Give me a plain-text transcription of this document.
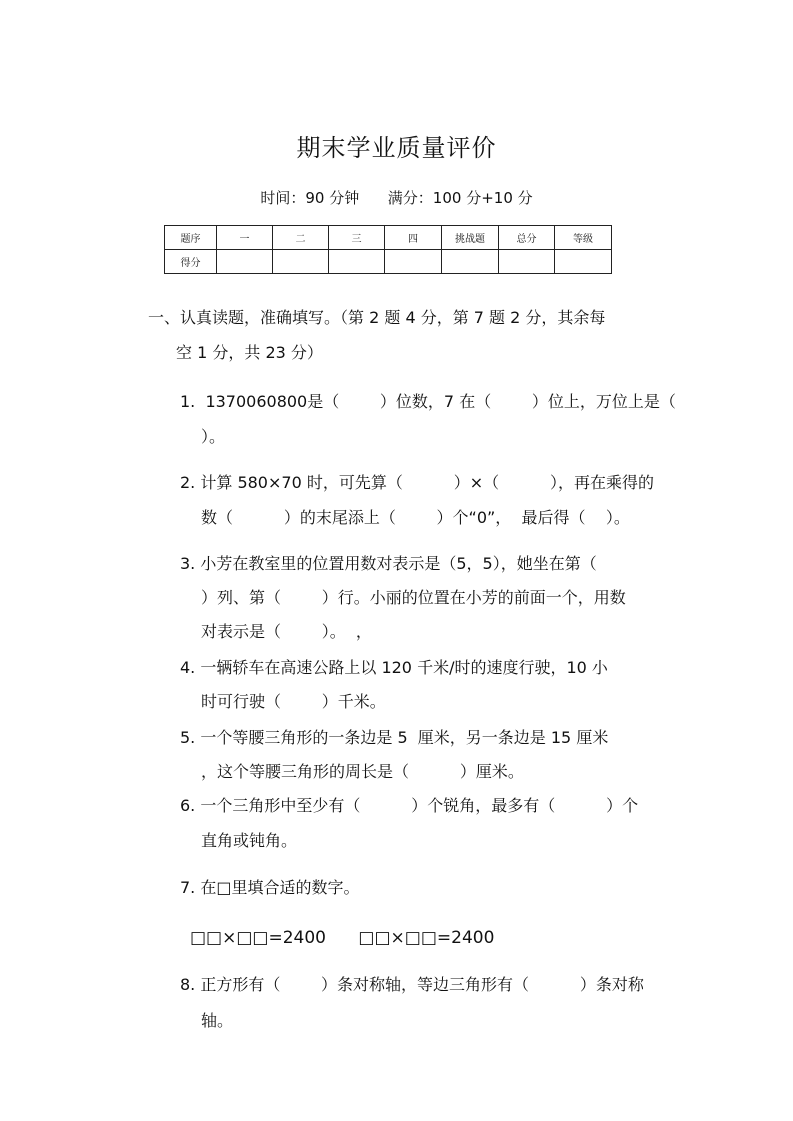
期末学业质量评价
时间：90 分钟      满分：100 分+10 分
题序	一	二	三	四	挑战题	总分	等级
得分							
一、认真读题，准确填写。（第 2 题 4 分，第 7 题 2 分，其余每
空 1 分，共 23 分）
1.  1370060800是（        ）位数，7 在（        ）位上，万位上是（
）。
2. 计算 580×70 时，可先算（          ）×（          ），再在乘得的
数（          ）的末尾添上（        ）个“0”，  最后得（    ）。
3. 小芳在教室里的位置用数对表示是（5，5），她坐在第（
）列、第（        ）行。小丽的位置在小芳的前面一个，用数
对表示是（        ）。  ，
4. 一辆轿车在高速公路上以 120 千米/时的速度行驶，10 小
时可行驶（        ）千米。
5. 一个等腰三角形的一条边是 5  厘米，另一条边是 15 厘米
，这个等腰三角形的周长是（          ）厘米。
6. 一个三角形中至少有（          ）个锐角，最多有（          ）个
直角或钝角。
7. 在□里填合适的数字。
□□×□□=2400      □□×□□=2400
8. 正方形有（        ）条对称轴，等边三角形有（          ）条对称
轴。
